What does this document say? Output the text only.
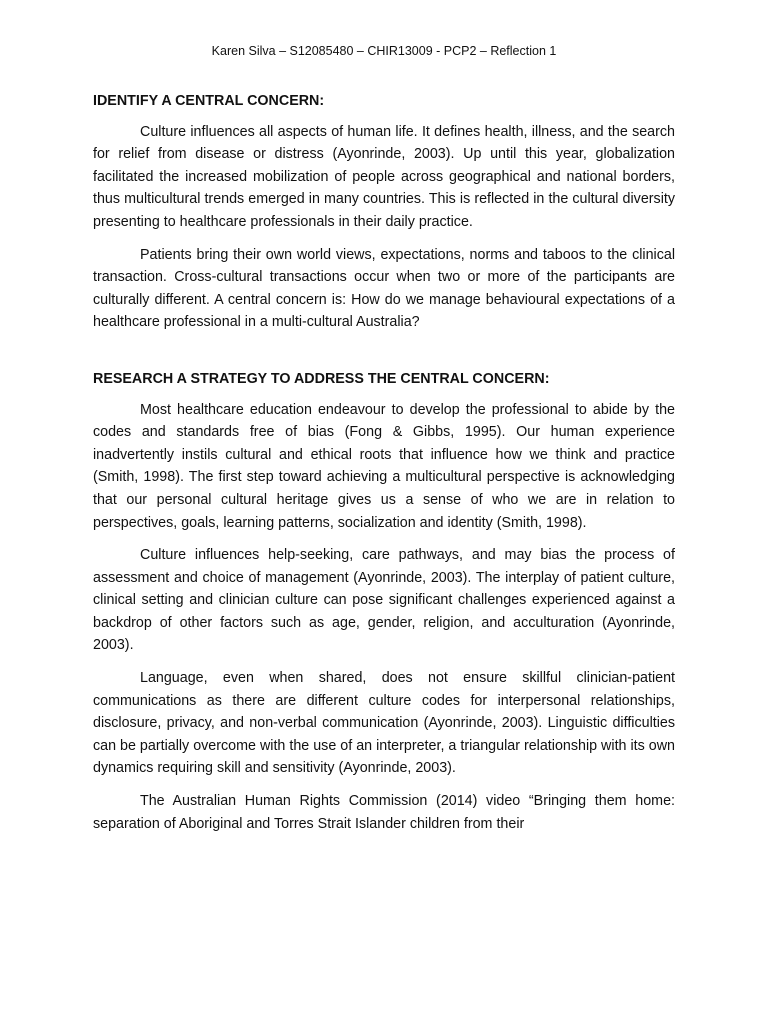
Karen Silva – S12085480 – CHIR13009 - PCP2 – Reflection 1
IDENTIFY A CENTRAL CONCERN:

Culture influences all aspects of human life. It defines health, illness, and the search for relief from disease or distress (Ayonrinde, 2003). Up until this year, globalization facilitated the increased mobilization of people across geographical and national borders, thus multicultural trends emerged in many countries. This is reflected in the cultural diversity presenting to healthcare professionals in their daily practice.

Patients bring their own world views, expectations, norms and taboos to the clinical transaction. Cross-cultural transactions occur when two or more of the participants are culturally different. A central concern is: How do we manage behavioural expectations of a healthcare professional in a multi-cultural Australia?

RESEARCH A STRATEGY TO ADDRESS THE CENTRAL CONCERN:

Most healthcare education endeavour to develop the professional to abide by the codes and standards free of bias (Fong & Gibbs, 1995). Our human experience inadvertently instils cultural and ethical roots that influence how we think and practice (Smith, 1998). The first step toward achieving a multicultural perspective is acknowledging that our personal cultural heritage gives us a sense of who we are in relation to perspectives, goals, learning patterns, socialization and identity (Smith, 1998).

Culture influences help-seeking, care pathways, and may bias the process of assessment and choice of management (Ayonrinde, 2003). The interplay of patient culture, clinical setting and clinician culture can pose significant challenges experienced against a backdrop of other factors such as age, gender, religion, and acculturation (Ayonrinde, 2003).

Language, even when shared, does not ensure skillful clinician-patient communications as there are different culture codes for interpersonal relationships, disclosure, privacy, and non-verbal communication (Ayonrinde, 2003). Linguistic difficulties can be partially overcome with the use of an interpreter, a triangular relationship with its own dynamics requiring skill and sensitivity (Ayonrinde, 2003).

The Australian Human Rights Commission (2014) video “Bringing them home: separation of Aboriginal and Torres Strait Islander children from their
